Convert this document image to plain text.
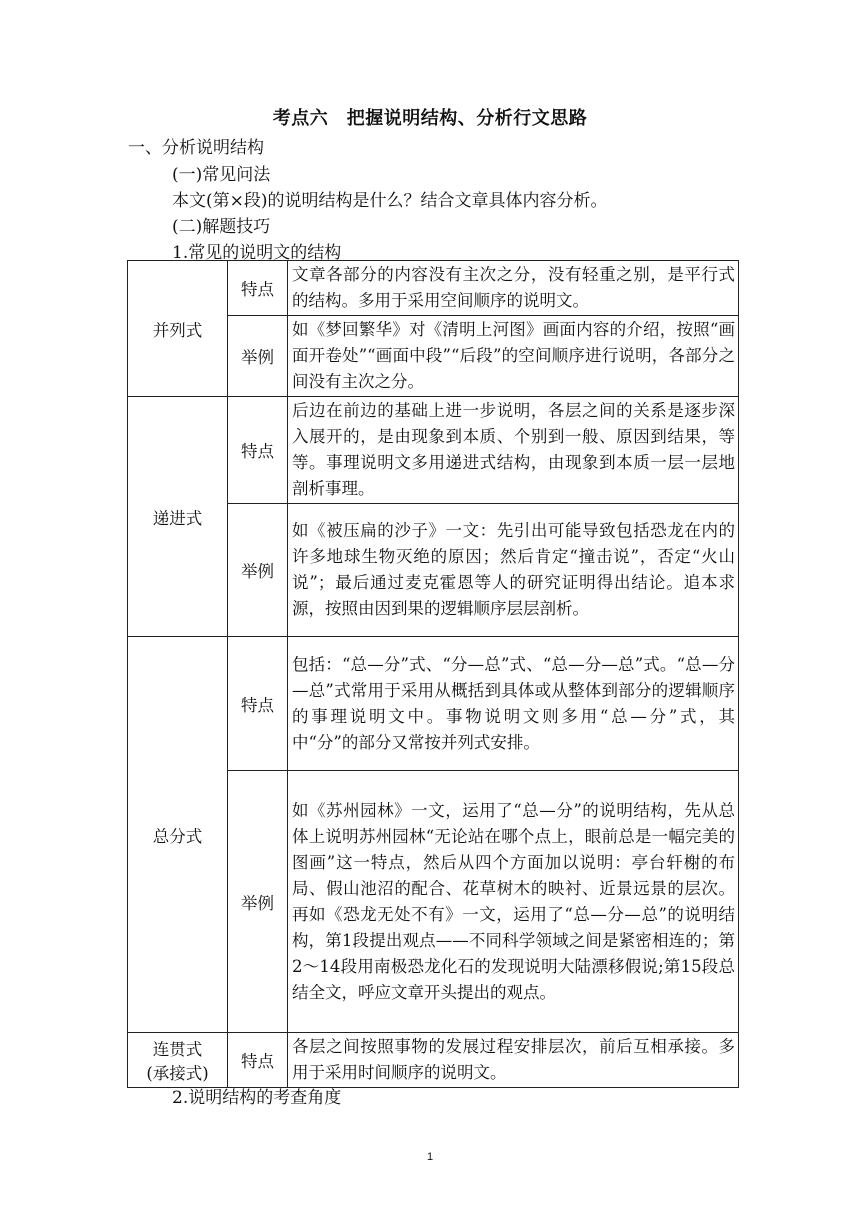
考点六　把握说明结构、分析行文思路
一、分析说明结构
(一)常见问法
本文(第×段)的说明结构是什么？结合文章具体内容分析。
(二)解题技巧
1.常见的说明文的结构
并列式	特点	文章各部分的内容没有主次之分，没有轻重之别，是平行式的结构。多用于采用空间顺序的说明文。
	举例	如《梦回繁华》对《清明上河图》画面内容的介绍，按照“画面开卷处”“画面中段”“后段”的空间顺序进行说明，各部分之间没有主次之分。
递进式	特点	后边在前边的基础上进一步说明，各层之间的关系是逐步深入展开的，是由现象到本质、个别到一般、原因到结果，等等。事理说明文多用递进式结构，由现象到本质一层一层地剖析事理。
	举例	如《被压扁的沙子》一文：先引出可能导致包括恐龙在内的许多地球生物灭绝的原因；然后肯定“撞击说”，否定“火山说”；最后通过麦克霍恩等人的研究证明得出结论。追本求源，按照由因到果的逻辑顺序层层剖析。
总分式	特点	包括：“总—分”式、“分—总”式、“总—分—总”式。“总—分—总”式常用于采用从概括到具体或从整体到部分的逻辑顺序的事理说明文中。事物说明文则多用“总—分”式，其中“分”的部分又常按并列式安排。
	举例	如《苏州园林》一文，运用了“总—分”的说明结构，先从总体上说明苏州园林“无论站在哪个点上，眼前总是一幅完美的图画”这一特点，然后从四个方面加以说明：亭台轩榭的布局、假山池沼的配合、花草树木的映衬、近景远景的层次。再如《恐龙无处不有》一文，运用了“总—分—总”的说明结构，第1段提出观点——不同科学领域之间是紧密相连的；第2～14段用南极恐龙化石的发现说明大陆漂移假说;第15段总结全文，呼应文章开头提出的观点。

连贯式
(承接式)	特点	各层之间按照事物的发展过程安排层次，前后互相承接。多用于采用时间顺序的说明文。
2.说明结构的考查角度
1
